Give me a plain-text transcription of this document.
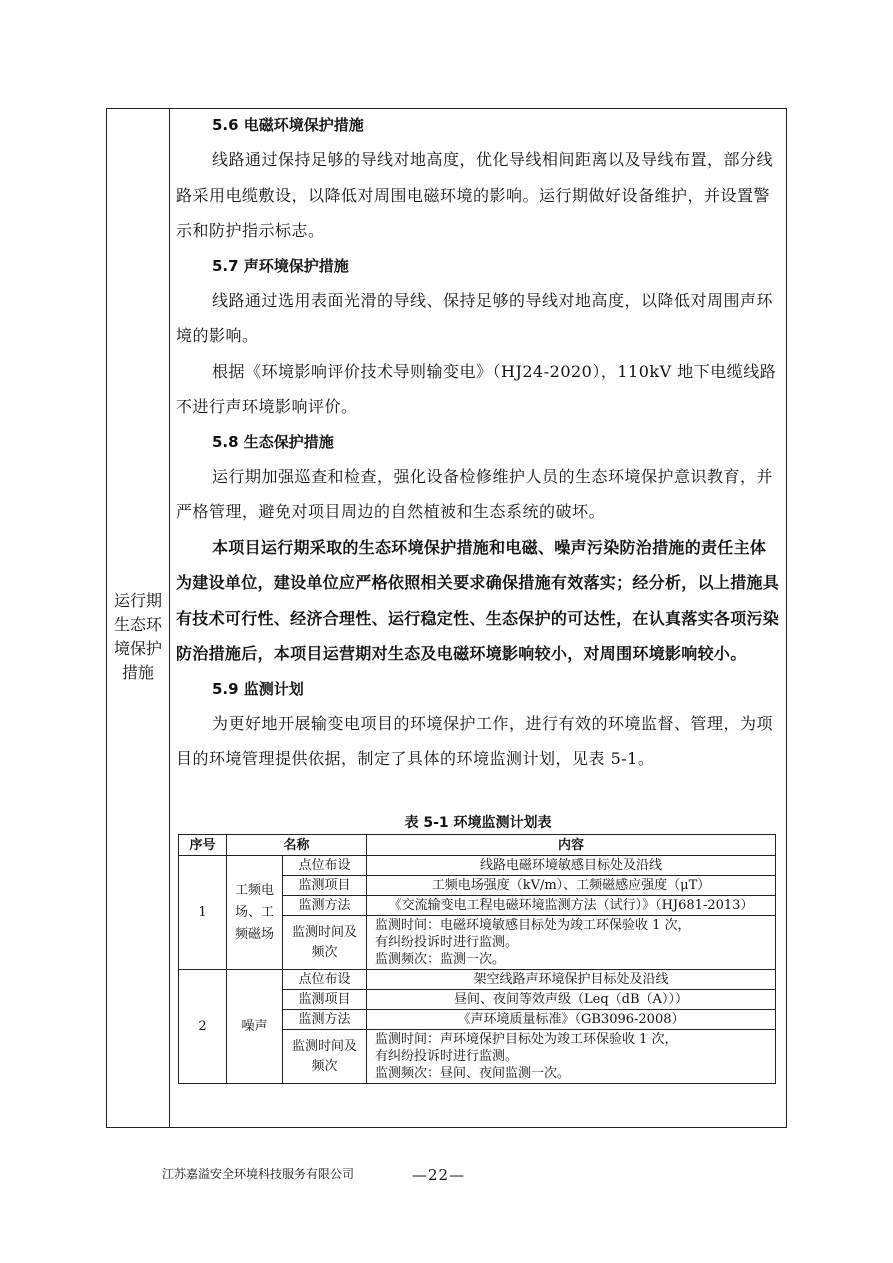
运行期生态环境保护措施
5.6 电磁环境保护措施

线路通过保持足够的导线对地高度，优化导线相间距离以及导线布置，部分线路采用电缆敷设，以降低对周围电磁环境的影响。运行期做好设备维护，并设置警示和防护指示标志。

5.7 声环境保护措施

线路通过选用表面光滑的导线、保持足够的导线对地高度，以降低对周围声环境的影响。

根据《环境影响评价技术导则输变电》（HJ24-2020），110kV 地下电缆线路不进行声环境影响评价。

5.8 生态保护措施

运行期加强巡查和检查，强化设备检修维护人员的生态环境保护意识教育，并严格管理，避免对项目周边的自然植被和生态系统的破坏。

本项目运行期采取的生态环境保护措施和电磁、噪声污染防治措施的责任主体为建设单位，建设单位应严格依照相关要求确保措施有效落实；经分析，以上措施具有技术可行性、经济合理性、运行稳定性、生态保护的可达性，在认真落实各项污染防治措施后，本项目运营期对生态及电磁环境影响较小，对周围环境影响较小。

5.9 监测计划

为更好地开展输变电项目的环境保护工作，进行有效的环境监督、管理，为项目的环境管理提供依据，制定了具体的环境监测计划，见表 5-1。

表 5-1 环境监测计划表
序号	名称		内容
1	工频电场、工频磁场	点位布设	线路电磁环境敏感目标处及沿线
		监测项目	工频电场强度（kV/m）、工频磁感应强度（μT）
		监测方法	《交流输变电工程电磁环境监测方法（试行）》（HJ681-2013）
		监测时间及频次	监测时间：电磁环境敏感目标处为竣工环保验收 1 次，
有纠纷投诉时进行监测。
监测频次：监测一次。

2	噪声	点位布设	架空线路声环境保护目标处及沿线
		监测项目	昼间、夜间等效声级（Leq（dB（A）））
		监测方法	《声环境质量标准》（GB3096-2008）
		监测时间及频次	监测时间：声环境保护目标处为竣工环保验收 1 次，
有纠纷投诉时进行监测。
监测频次：昼间、夜间监测一次。
江苏嘉溢安全环境科技服务有限公司	—22—
